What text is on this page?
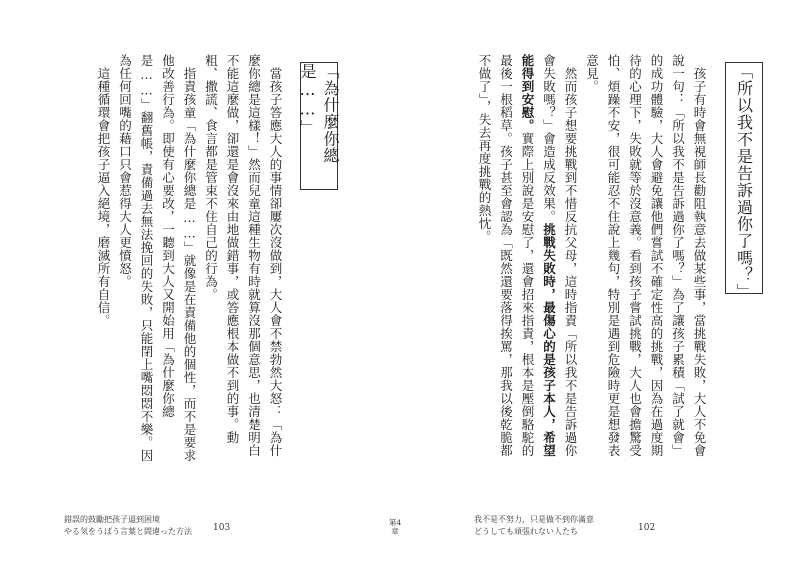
「為什麼你總是……」

當孩子答應大人的事情卻屢次沒做到，大人會不禁勃然大怒：「為什麼你總是這樣！」然而兒童這種生物有時就算沒那個意思，也清楚明白不能這麼做，卻還是會沒來由地做錯事，或答應根本做不到的事。動粗、撒謊、食言都是管束不住自己的行為。

指責孩童「為什麼你總是……」就像是在責備他的個性，而不是要求他改善行為。即使有心要改，一聽到大人又開始用「為什麼你總是……」翻舊帳，責備過去無法挽回的失敗，只能閉上嘴悶悶不樂。因為任何回嘴的藉口只會惹得大人更憤怒。

這種循環會把孩子逼入絕境，磨滅所有自信。

錯誤的鼓勵把孩子逼到困境
やる気をうばう言葉と間違った方法	103
第4
章
「所以我不是告訴過你了嗎？」

孩子有時會無視師長勸阻執意去做某些事，當挑戰失敗，大人不免會說一句：「所以我不是告訴過你了嗎？」為了讓孩子累積「試了就會」的成功體驗，大人會避免讓他們嘗試不確定性高的挑戰，因為在過度期待的心理下，失敗就等於沒意義。看到孩子嘗試挑戰，大人也會擔驚受怕、煩躁不安，很可能忍不住說上幾句，特別是遇到危險時更是想發表意見。

然而孩子想要挑戰到不惜反抗父母，這時指責「所以我不是告訴過你會失敗嗎？」會造成反效果。挑戰失敗時，最傷心的是孩子本人，希望能得到安慰。實際上別說是安慰了，還會招來指責，根本是壓倒駱駝的最後一根稻草。孩子甚至會認為「既然還要落得挨罵，那我以後乾脆都不做了」，失去再度挑戰的熱忱。

我不是不努力，只是做不到你滿意
どうしても頑張れない人たち	102
